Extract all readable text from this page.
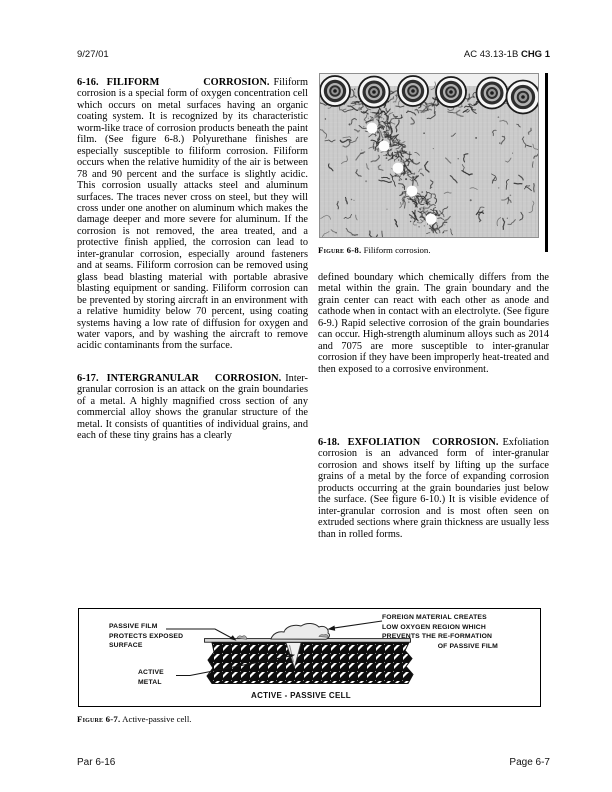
9/27/01	AC 43.13-1B CHG 1

6-16. FILIFORM CORROSION. Filiform corrosion is a special form of oxygen concentration cell which occurs on metal surfaces having an organic coating system. It is recognized by its characteristic worm-like trace of corrosion products beneath the paint film. (See figure 6-8.) Polyurethane finishes are especially susceptible to filiform corrosion. Filiform occurs when the relative humidity of the air is between 78 and 90 percent and the surface is slightly acidic. This corrosion usually attacks steel and aluminum surfaces. The traces never cross on steel, but they will cross under one another on aluminum which makes the damage deeper and more severe for aluminum. If the corrosion is not removed, the area treated, and a protective finish applied, the corrosion can lead to inter-granular corrosion, especially around fasteners and at seams. Filiform corrosion can be removed using glass bead blasting material with portable abrasive blasting equipment or sanding. Filiform corrosion can be prevented by storing aircraft in an environment with a relative humidity below 70 percent, using coating systems having a low rate of diffusion for oxygen and water vapors, and by washing the aircraft to remove acidic contaminants from the surface.

6-17. INTERGRANULAR CORROSION. Inter-granular corrosion is an attack on the grain boundaries of a metal. A highly magnified cross section of any commercial alloy shows the granular structure of the metal. It consists of quantities of individual grains, and each of these tiny grains has a clearly

Figure 6-8. Filiform corrosion.

defined boundary which chemically differs from the metal within the grain. The grain boundary and the grain center can react with each other as anode and cathode when in contact with an electrolyte. (See figure 6-9.) Rapid selective corrosion of the grain boundaries can occur. High-strength aluminum alloys such as 2014 and 7075 are more susceptible to inter-granular corrosion if they have been improperly heat-treated and then exposed to a corrosive environment.

6-18. EXFOLIATION CORROSION. Exfoliation corrosion is an advanced form of inter-granular corrosion and shows itself by lifting up the surface grains of a metal by the force of expanding corrosion products occurring at the grain boundaries just below the surface. (See figure 6-10.) It is visible evidence of inter-granular corrosion and is most often seen on extruded sections where grain thickness are usually less than in rolled forms.

PASSIVE FILM
PROTECTS EXPOSED
SURFACE
FOREIGN MATERIAL CREATES
LOW OXYGEN REGION WHICH
PREVENTS THE RE-FORMATION
OF PASSIVE FILM
ACTIVE
METAL
ACTIVE - PASSIVE CELL
Figure 6-7. Active-passive cell.
Par 6-16	Page 6-7
